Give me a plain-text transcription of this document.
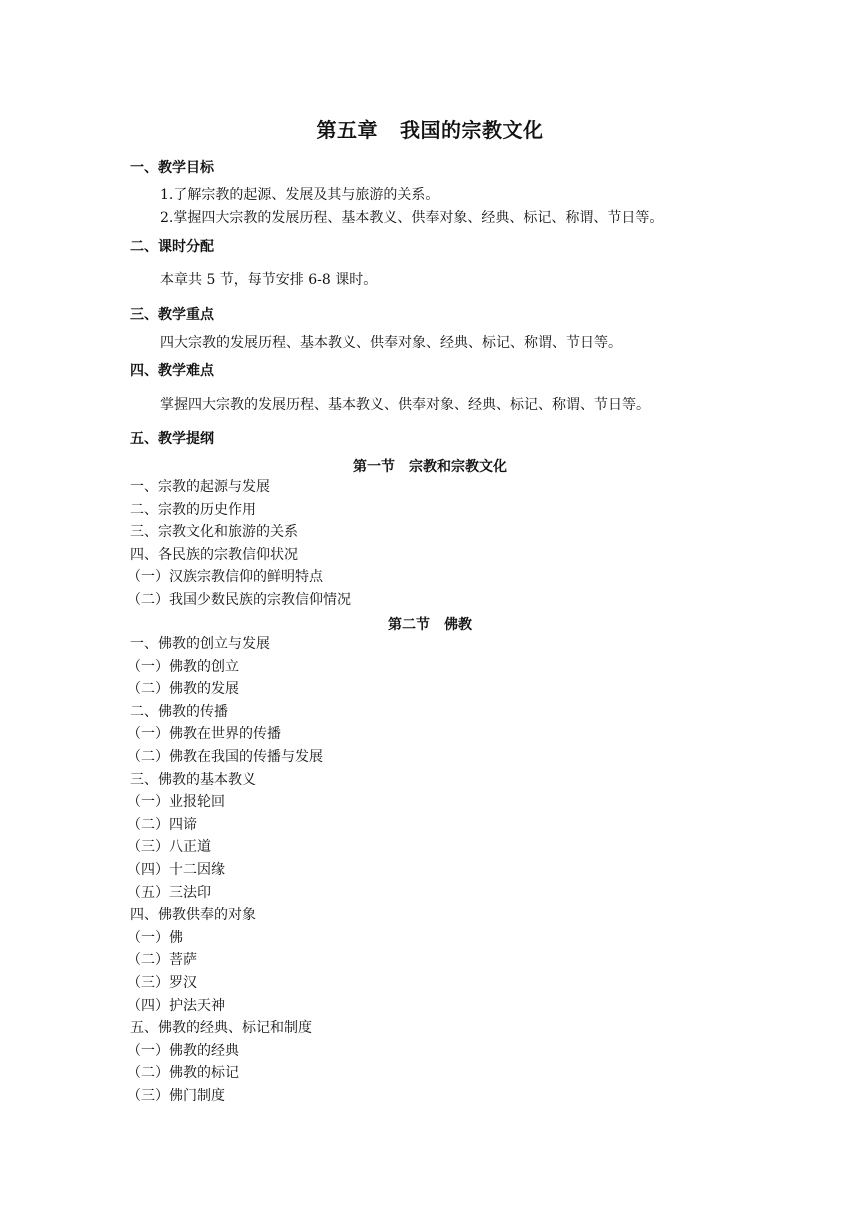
第五章 我国的宗教文化
一、教学目标
1.了解宗教的起源、发展及其与旅游的关系。
2.掌握四大宗教的发展历程、基本教义、供奉对象、经典、标记、称谓、节日等。
二、课时分配
本章共 5 节，每节安排 6-8 课时。
三、教学重点
四大宗教的发展历程、基本教义、供奉对象、经典、标记、称谓、节日等。
四、教学难点
掌握四大宗教的发展历程、基本教义、供奉对象、经典、标记、称谓、节日等。
五、教学提纲
第一节 宗教和宗教文化
一、宗教的起源与发展
二、宗教的历史作用
三、宗教文化和旅游的关系
四、各民族的宗教信仰状况
（一）汉族宗教信仰的鲜明特点
（二）我国少数民族的宗教信仰情况
第二节 佛教
一、佛教的创立与发展
（一）佛教的创立
（二）佛教的发展
二、佛教的传播
（一）佛教在世界的传播
（二）佛教在我国的传播与发展
三、佛教的基本教义
（一）业报轮回
（二）四谛
（三）八正道
（四）十二因缘
（五）三法印
四、佛教供奉的对象
（一）佛
（二）菩萨
（三）罗汉
（四）护法天神
五、佛教的经典、标记和制度
（一）佛教的经典
（二）佛教的标记
（三）佛门制度
